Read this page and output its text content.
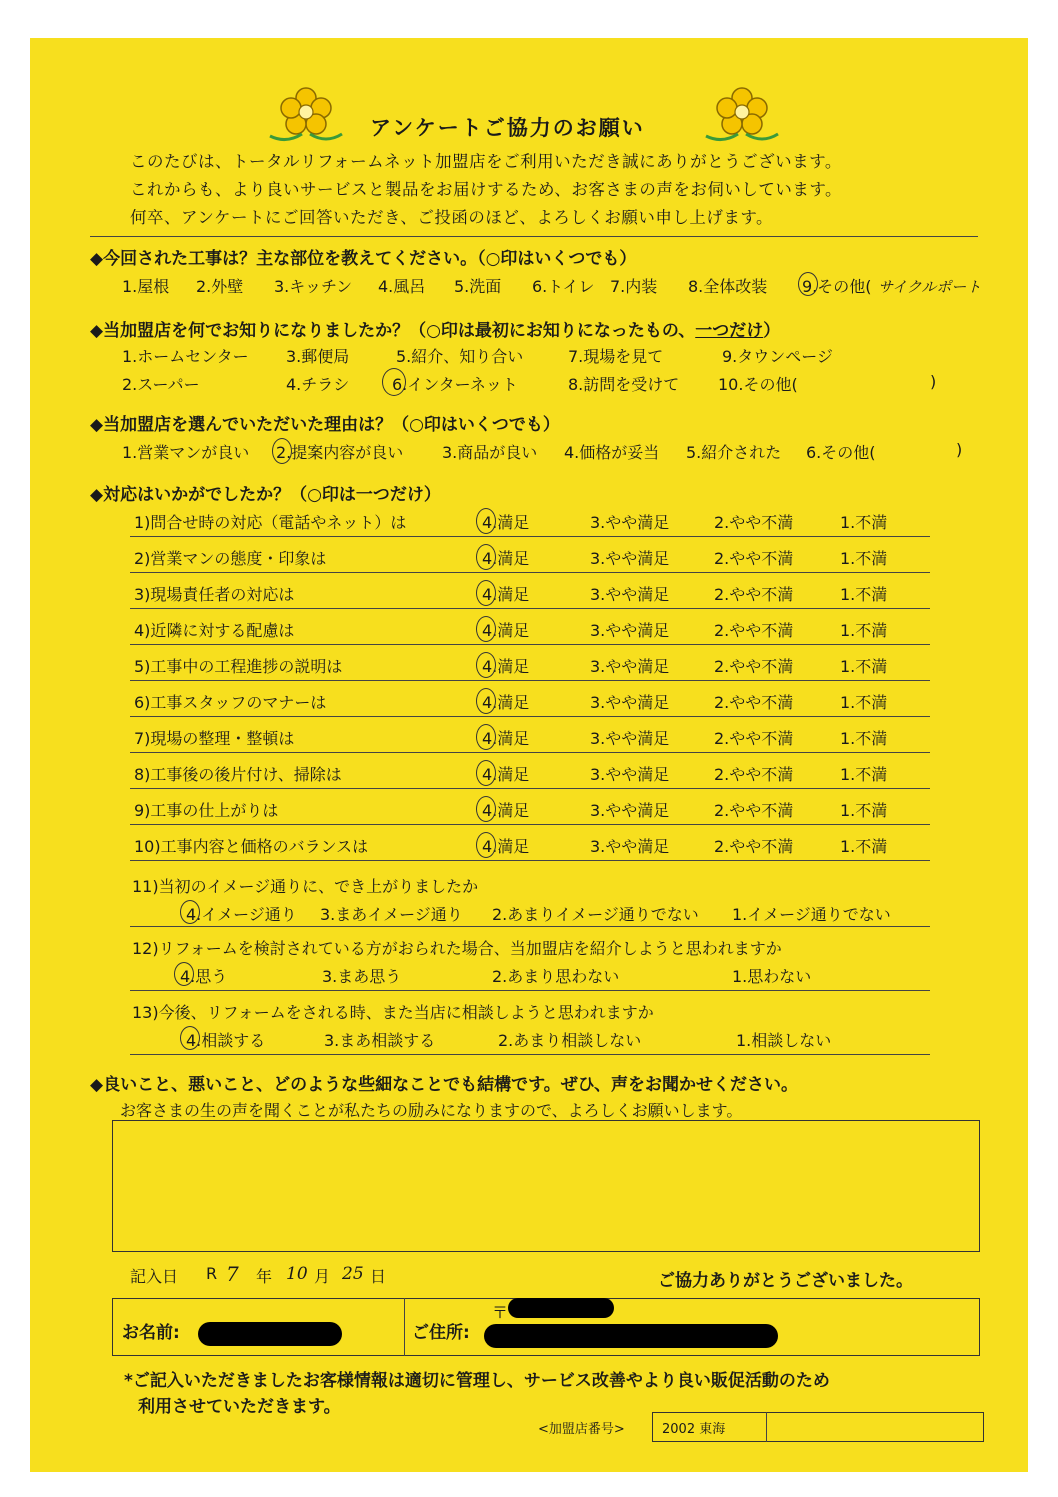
アンケートご協力のお願い
このたびは、トータルリフォームネット加盟店をご利用いただき誠にありがとうございます。
これからも、より良いサービスと製品をお届けするため、お客さまの声をお伺いしています。
何卒、アンケートにご回答いただき、ご投函のほど、よろしくお願い申し上げます。
◆今回された工事は？主な部位を教えてください。（○印はいくつでも）
1.屋根 2.外壁 3.キッチン 4.風呂 5.洗面 6.トイレ 7.内装 8.全体改装 9.その他( サイクルポート
◆当加盟店を何でお知りになりましたか？（○印は最初にお知りになったもの、一つだけ）
1.ホームセンター 3.郵便局	5.紹介、知り合い	7.現場を見て	9.タウンページ
2.スーパー	4.チラシ	6.インターネット	8.訪問を受けて 10.その他(	)
◆当加盟店を選んでいただいた理由は？（○印はいくつでも）
1.営業マンが良い 2.提案内容が良い 3.商品が良い 4.価格が妥当 5.紹介された 6.その他(	)
◆対応はいかがでしたか？（○印は一つだけ）
1)問合せ時の対応（電話やネット）は	4.満足	3.やや満足	2.やや不満	1.不満
2)営業マンの態度・印象は	4.満足	3.やや満足	2.やや不満	1.不満
3)現場責任者の対応は	4.満足	3.やや満足	2.やや不満	1.不満
4)近隣に対する配慮は	4.満足	3.やや満足	2.やや不満	1.不満
5)工事中の工程進捗の説明は	4.満足	3.やや満足	2.やや不満	1.不満
6)工事スタッフのマナーは	4.満足	3.やや満足	2.やや不満	1.不満
7)現場の整理・整頓は	4.満足	3.やや満足	2.やや不満	1.不満
8)工事後の後片付け、掃除は	4.満足	3.やや満足	2.やや不満	1.不満
9)工事の仕上がりは	4.満足	3.やや満足	2.やや不満	1.不満
10)工事内容と価格のバランスは	4.満足	3.やや満足	2.やや不満	1.不満
11)当初のイメージ通りに、でき上がりましたか
4.イメージ通り 3.まあイメージ通り 2.あまりイメージ通りでない 1.イメージ通りでない
12)リフォームを検討されている方がおられた場合、当加盟店を紹介しようと思われますか
4.思う	3.まあ思う	2.あまり思わない	1.思わない
13)今後、リフォームをされる時、また当店に相談しようと思われますか
4.相談する	3.まあ相談する	2.あまり相談しない	1.相談しない
◆良いこと、悪いこと、どのような些細なことでも結構です。ぜひ、声をお聞かせください。
お客さまの生の声を聞くことが私たちの励みになりますので、よろしくお願いします。
記入日 R 7 年 10 月 25 日	ご協力ありがとうございました。
お名前:	ご住所:
〒
*ご記入いただきましたお客様情報は適切に管理し、サービス改善やより良い販促活動のため
利用させていただきます。
<加盟店番号>	2002 東海
